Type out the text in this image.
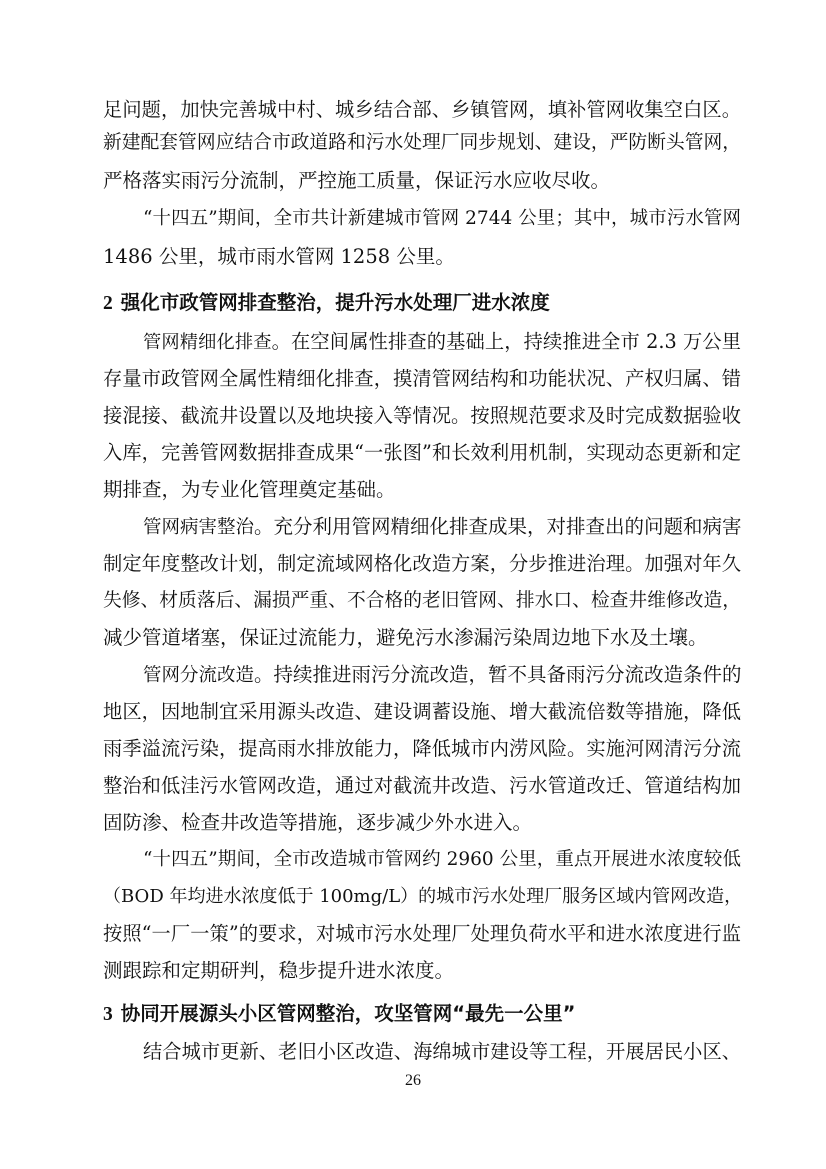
足问题，加快完善城中村、城乡结合部、乡镇管网，填补管网收集空白区。
新建配套管网应结合市政道路和污水处理厂同步规划、建设，严防断头管网，
严格落实雨污分流制，严控施工质量，保证污水应收尽收。
“十四五”期间，全市共计新建城市管网 2744 公里；其中，城市污水管网
1486 公里，城市雨水管网 1258 公里。
2 强化市政管网排查整治，提升污水处理厂进水浓度
管网精细化排查。在空间属性排查的基础上，持续推进全市 2.3 万公里
存量市政管网全属性精细化排查，摸清管网结构和功能状况、产权归属、错
接混接、截流井设置以及地块接入等情况。按照规范要求及时完成数据验收
入库，完善管网数据排查成果“一张图”和长效利用机制，实现动态更新和定
期排查，为专业化管理奠定基础。
管网病害整治。充分利用管网精细化排查成果，对排查出的问题和病害
制定年度整改计划，制定流域网格化改造方案，分步推进治理。加强对年久
失修、材质落后、漏损严重、不合格的老旧管网、排水口、检查井维修改造，
减少管道堵塞，保证过流能力，避免污水渗漏污染周边地下水及土壤。
管网分流改造。持续推进雨污分流改造，暂不具备雨污分流改造条件的
地区，因地制宜采用源头改造、建设调蓄设施、增大截流倍数等措施，降低
雨季溢流污染，提高雨水排放能力，降低城市内涝风险。实施河网清污分流
整治和低洼污水管网改造，通过对截流井改造、污水管道改迁、管道结构加
固防渗、检查井改造等措施，逐步减少外水进入。
“十四五”期间，全市改造城市管网约 2960 公里，重点开展进水浓度较低
（BOD 年均进水浓度低于 100mg/L）的城市污水处理厂服务区域内管网改造，
按照“一厂一策”的要求，对城市污水处理厂处理负荷水平和进水浓度进行监
测跟踪和定期研判，稳步提升进水浓度。
3 协同开展源头小区管网整治，攻坚管网“最先一公里”
结合城市更新、老旧小区改造、海绵城市建设等工程，开展居民小区、
26
